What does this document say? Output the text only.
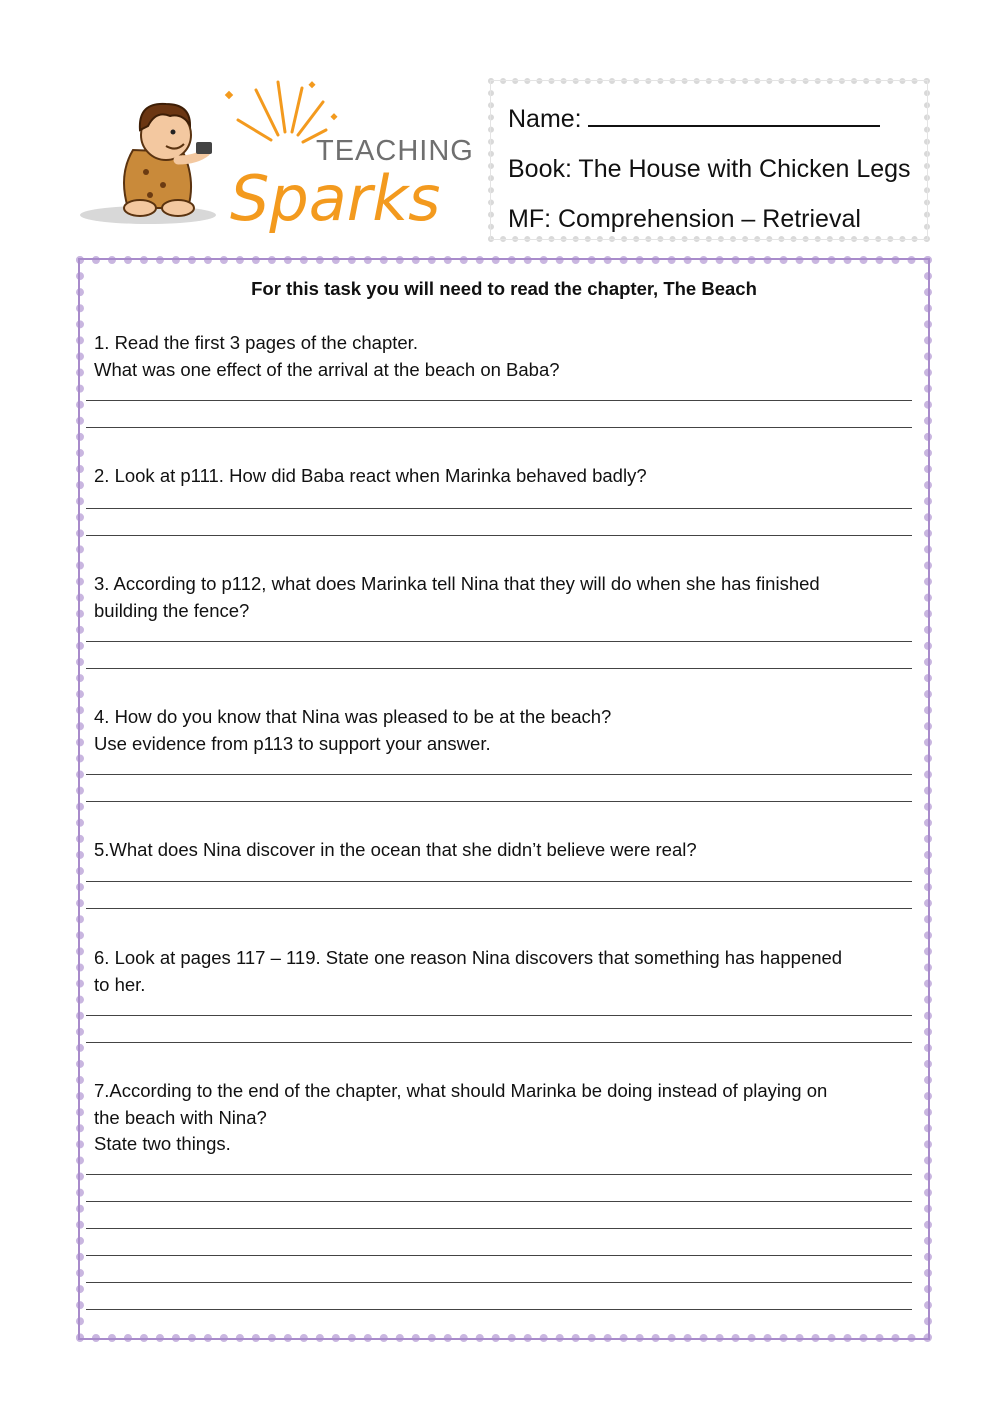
TEACHING
Sparks
Name:
Book: The House with Chicken Legs
MF: Comprehension – Retrieval
For this task you will need to read the chapter, The Beach
1. Read the first 3 pages of the chapter.
What was one effect of the arrival at the beach on Baba?
2. Look at p111. How did Baba react when Marinka behaved badly?
3. According to p112, what does Marinka tell Nina that they will do when she has finished
building the fence?
4. How do you know that Nina was pleased to be at the beach?
Use evidence from p113 to support your answer.
5.What does Nina discover in the ocean that she didn’t believe were real?
6. Look at pages 117 – 119. State one reason Nina discovers that something has happened
to her.
7.According to the end of the chapter, what should Marinka be doing instead of playing on
the beach with Nina?
State two things.
